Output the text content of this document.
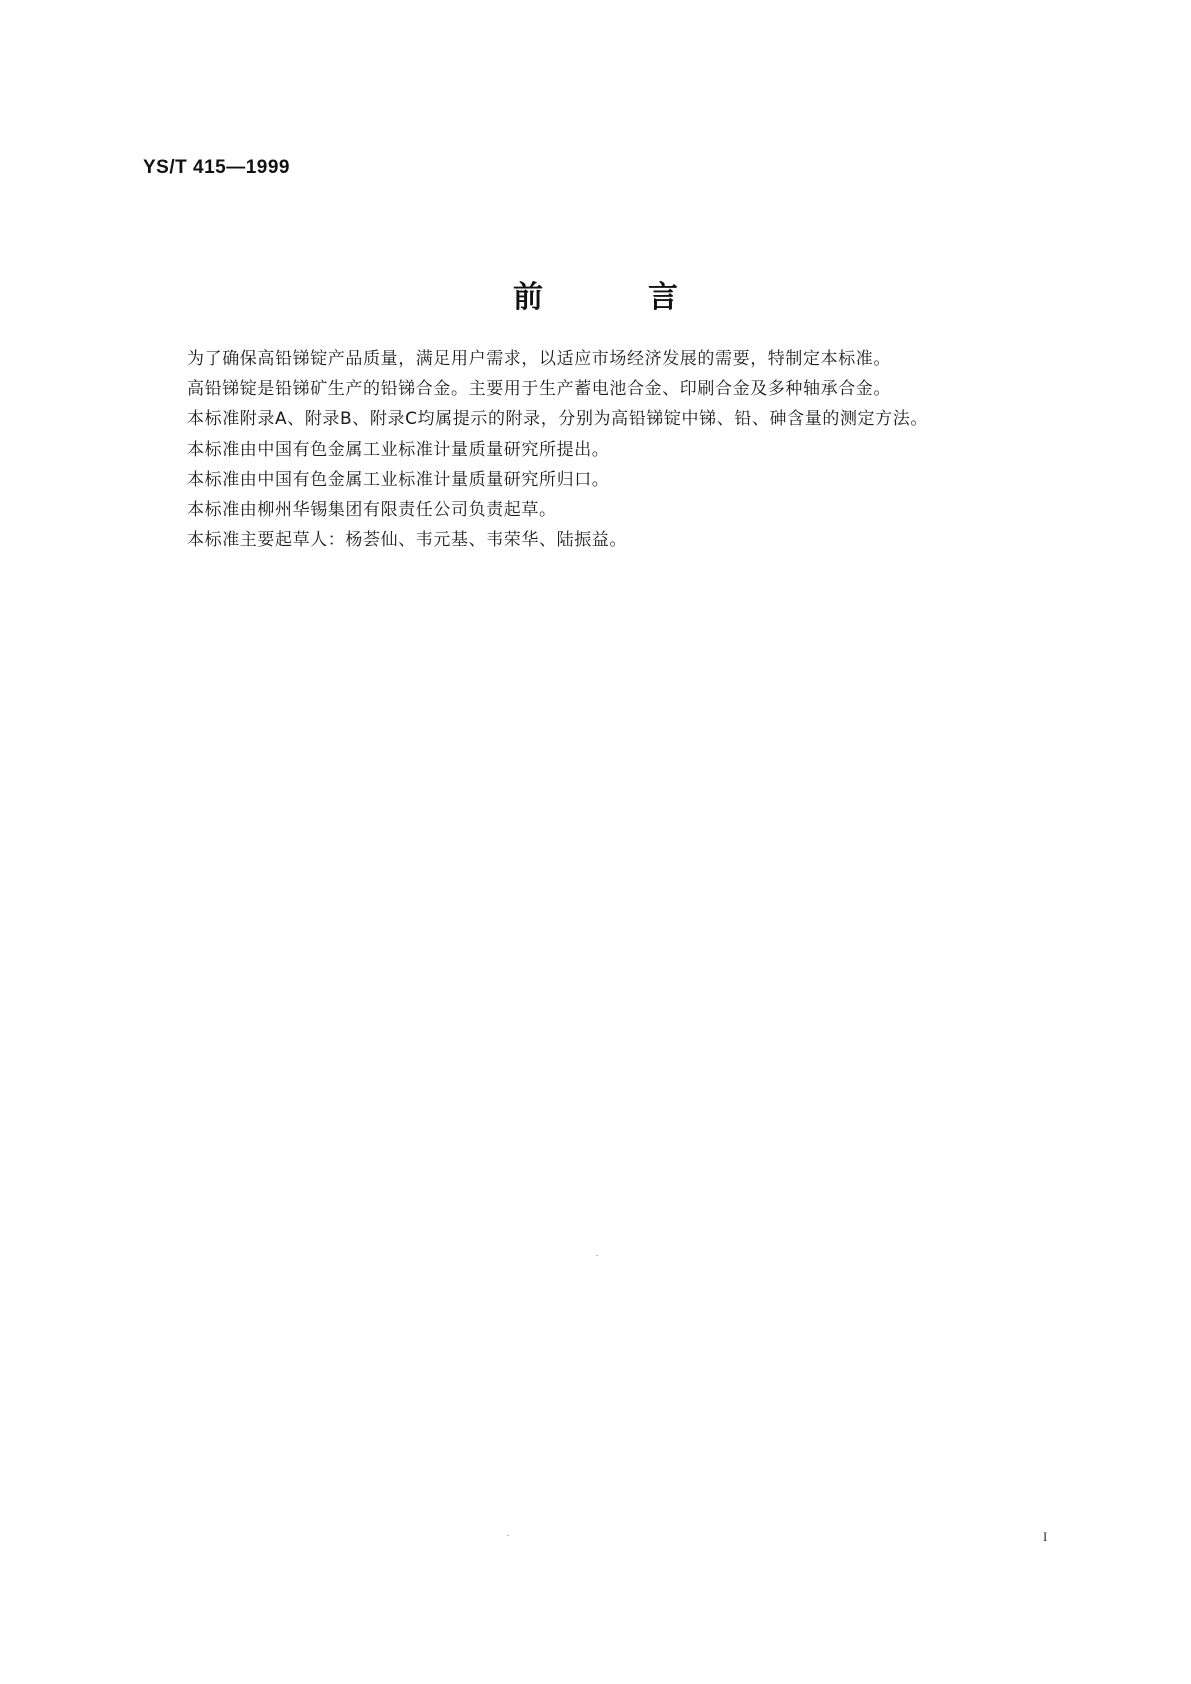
YS/T 415—1999
前	言
为了确保高铅锑锭产品质量，满足用户需求，以适应市场经济发展的需要，特制定本标准。
高铅锑锭是铅锑矿生产的铅锑合金。主要用于生产蓄电池合金、印刷合金及多种轴承合金。
本标准附录A、附录B、附录C均属提示的附录，分别为高铅锑锭中锑、铅、砷含量的测定方法。
本标准由中国有色金属工业标准计量质量研究所提出。
本标准由中国有色金属工业标准计量质量研究所归口。
本标准由柳州华锡集团有限责任公司负责起草。
本标准主要起草人：杨荟仙、韦元基、韦荣华、陆振益。
I
